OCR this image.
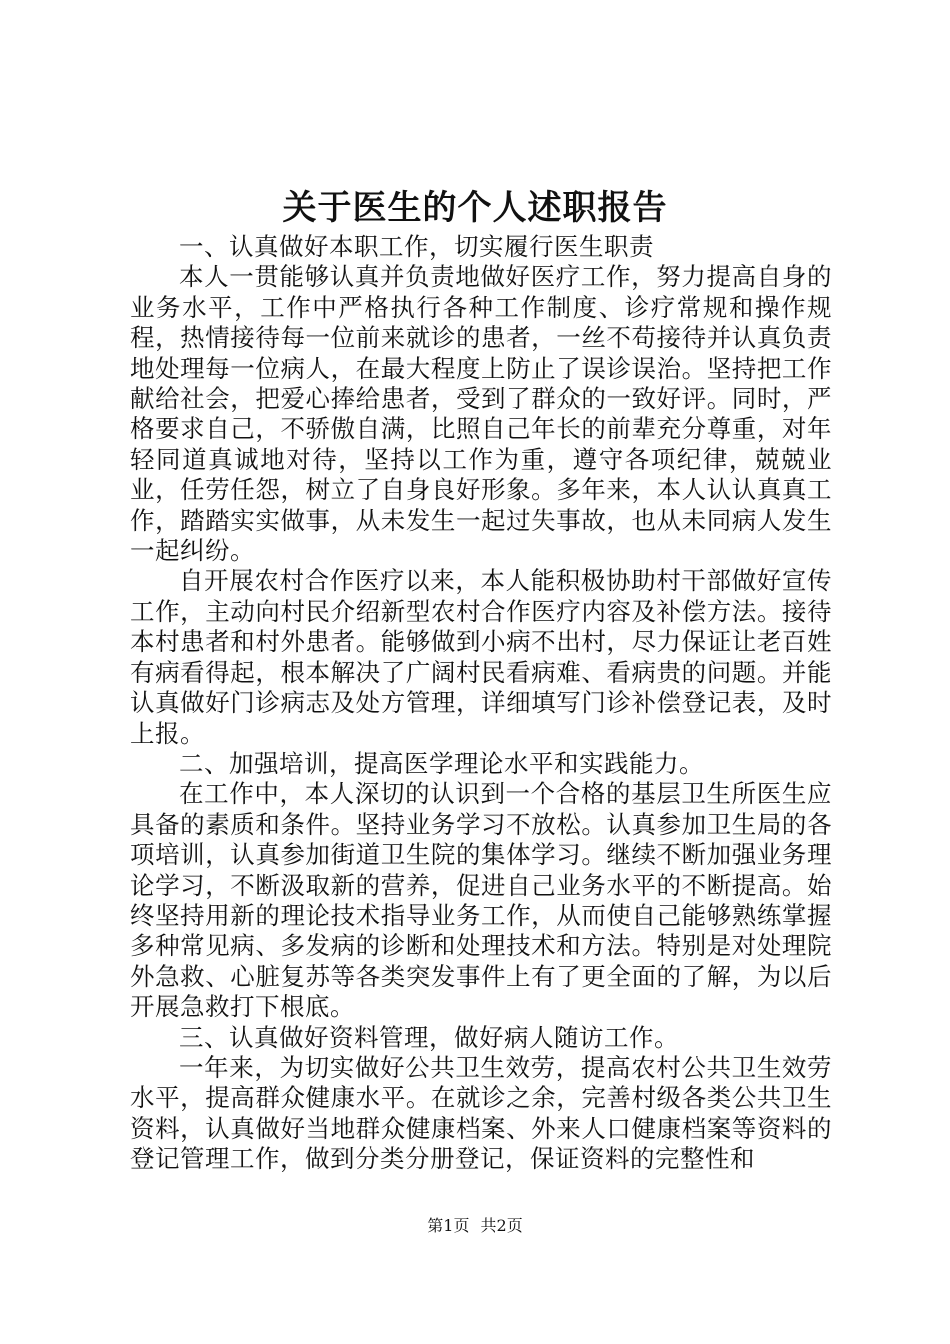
关于医生的个人述职报告

一、认真做好本职工作，切实履行医生职责

本人一贯能够认真并负责地做好医疗工作，努力提高自身的业务水平，工作中严格执行各种工作制度、诊疗常规和操作规程，热情接待每一位前来就诊的患者，一丝不苟接待并认真负责地处理每一位病人，在最大程度上防止了误诊误治。坚持把工作献给社会，把爱心捧给患者，受到了群众的一致好评。同时，严格要求自己，不骄傲自满，比照自己年长的前辈充分尊重，对年轻同道真诚地对待，坚持以工作为重，遵守各项纪律，兢兢业业，任劳任怨，树立了自身良好形象。多年来，本人认认真真工作，踏踏实实做事，从未发生一起过失事故，也从未同病人发生一起纠纷。

自开展农村合作医疗以来，本人能积极协助村干部做好宣传工作，主动向村民介绍新型农村合作医疗内容及补偿方法。接待本村患者和村外患者。能够做到小病不出村，尽力保证让老百姓有病看得起，根本解决了广阔村民看病难、看病贵的问题。并能认真做好门诊病志及处方管理，详细填写门诊补偿登记表，及时上报。

二、加强培训，提高医学理论水平和实践能力。

在工作中，本人深切的认识到一个合格的基层卫生所医生应具备的素质和条件。坚持业务学习不放松。认真参加卫生局的各项培训，认真参加街道卫生院的集体学习。继续不断加强业务理论学习，不断汲取新的营养，促进自己业务水平的不断提高。始终坚持用新的理论技术指导业务工作，从而使自己能够熟练掌握多种常见病、多发病的诊断和处理技术和方法。特别是对处理院外急救、心脏复苏等各类突发事件上有了更全面的了解，为以后开展急救打下根底。

三、认真做好资料管理，做好病人随访工作。

一年来，为切实做好公共卫生效劳，提高农村公共卫生效劳水平，提高群众健康水平。在就诊之余，完善村级各类公共卫生资料，认真做好当地群众健康档案、外来人口健康档案等资料的登记管理工作，做到分类分册登记，保证资料的完整性和

第1页 共2页
